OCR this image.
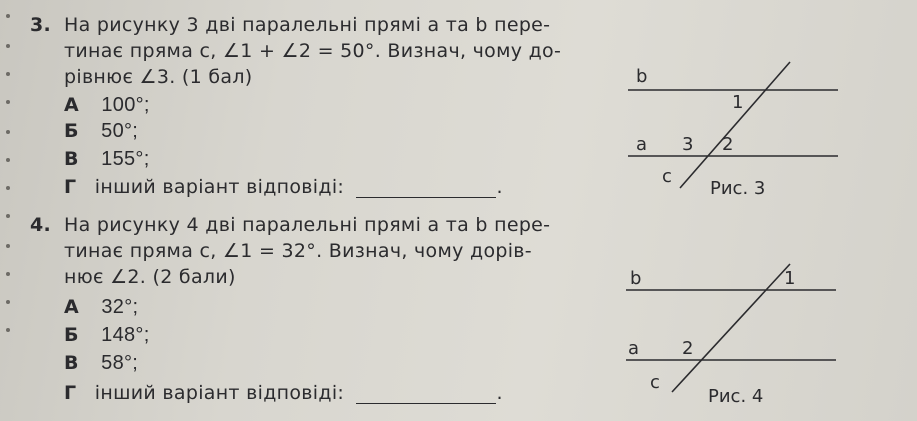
3. На рисунку 3 дві паралельні прямі a та b пере-
тинає пряма c, ∠1 + ∠2 = 50°. Визнач, чому до-
рівнює ∠3. (1 бал)
А 100°;
Б 50°;
В 155°;
Г інший варіант відповіді:	.
4. На рисунку 4 дві паралельні прямі a та b пере-
тинає пряма c, ∠1 = 32°. Визнач, чому дорів-
нює ∠2. (2 бали)
А 32°;
Б 148°;
В 58°;
Г інший варіант відповіді:	.
b
1
a 3 2
c
Рис. 3
b	1
a 2
c
Рис. 4
